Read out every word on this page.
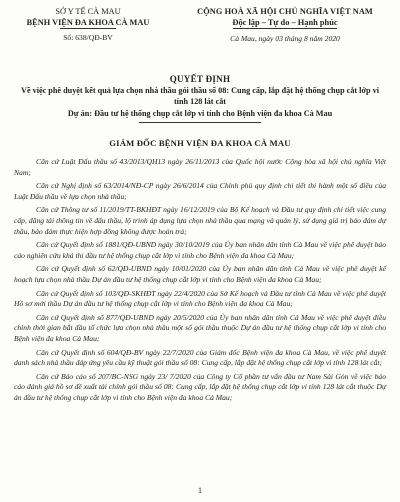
SỞ Y TẾ CÀ MAU
BỆNH VIỆN ĐA KHOA CÀ MAU
Số: 638/QĐ-BV
CỘNG HOÀ XÃ HỘI CHỦ NGHĨA VIỆT NAM
Độc lập – Tự do – Hạnh phúc
Cà Mau, ngày 03 tháng 8 năm 2020
QUYẾT ĐỊNH
Về việc phê duyệt kết quả lựa chọn nhà thầu gói thầu số 08: Cung cấp, lắp đặt hệ thống chụp cắt lớp vi tính 128 lát cắt
Dự án: Đầu tư hệ thống chụp cắt lớp vi tính cho Bệnh viện đa khoa Cà Mau
GIÁM ĐỐC BỆNH VIỆN ĐA KHOA CÀ MAU

Căn cứ Luật Đấu thầu số 43/2013/QH13 ngày 26/11/2013 của Quốc hội nước Cộng hòa xã hội chủ nghĩa Việt Nam;

Căn cứ Nghị định số 63/2014/NĐ-CP ngày 26/6/2014 của Chính phủ quy định chi tiết thi hành một số điều của Luật Đấu thầu về lựa chọn nhà thầu;

Căn cứ Thông tư số 11/2019/TT-BKHĐT ngày 16/12/2019 của Bộ Kế hoạch và Đầu tư quy định chi tiết việc cung cấp, đăng tải thông tin về đấu thầu, lộ trình áp dụng lựa chọn nhà thầu qua mạng và quản lý, sử dụng giá trị bảo đảm dự thầu, bảo đảm thực hiện hợp đồng không được hoàn trả;

Căn cứ Quyết định số 1881/QĐ-UBND ngày 30/10/2019 của Ủy ban nhân dân tỉnh Cà Mau về việc phê duyệt báo cáo nghiên cứu khả thi đầu tư hệ thống chụp cắt lớp vi tính cho Bệnh viện đa khoa Cà Mau;

Căn cứ Quyết định số 62/QĐ-UBND ngày 10/01/2020 của Ủy ban nhân dân tỉnh Cà Mau về việc phê duyệt kế hoạch lựa chọn nhà thầu Dự án đầu tư hệ thống chụp cắt lớp vi tính cho Bệnh viện đa khoa Cà Mau;

Căn cứ Quyết định số 103/QĐ-SKHĐT ngày 22/4/2020 của Sở Kế hoạch và Đầu tư tỉnh Cà Mau về việc phê duyệt Hồ sơ mời thầu Dự án đầu tư hệ thống chụp cắt lớp vi tính cho Bệnh viện đa khoa Cà Mau;

Căn cứ Quyết định số 877/QĐ-UBND ngày 20/5/2020 của Ủy ban nhân dân tỉnh Cà Mau về việc phê duyệt điều chỉnh thời gian bắt đầu tổ chức lựa chọn nhà thầu một số gói thầu thuộc Dự án đầu tư hệ thống chụp cắt lớp vi tính cho Bệnh viện đa khoa Cà Mau;

Căn cứ Quyết định số 604/QĐ-BV ngày 22/7/2020 của Giám đốc Bệnh viện đa khoa Cà Mau, về việc phê duyệt danh sách nhà thầu đáp ứng yêu cầu kỹ thuật gói thầu số 08: Cung cấp, lắp đặt hệ thống chụp cắt lớp vi tính 128 lát cắt;

Căn cứ Báo cáo số 207/BC-NSG ngày 23/ 7/2020 của Công ty Cổ phần tư vấn đầu tư Nam Sài Gòn về việc báo cáo đánh giá hồ sơ đề xuất tài chính gói thầu số 08: Cung cấp, lắp đặt hệ thống chụp cắt lớp vi tính 128 lát cắt thuộc Dự án đầu tư hệ thống chụp cắt lớp vi tính cho Bệnh viện đa khoa Cà Mau;

1
